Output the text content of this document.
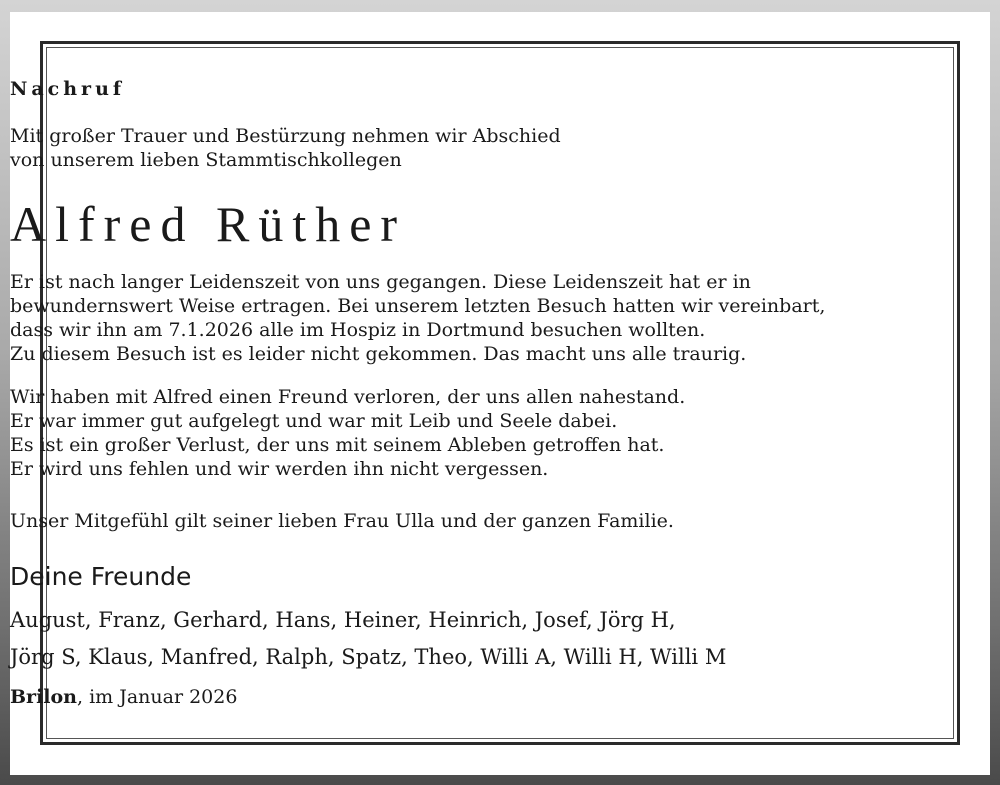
Nachruf
Mit großer Trauer und Bestürzung nehmen wir Abschied
von unserem lieben Stammtischkollegen
Alfred Rüther
Er ist nach langer Leidenszeit von uns gegangen. Diese Leidenszeit hat er in
bewundernswert Weise ertragen. Bei unserem letzten Besuch hatten wir vereinbart,
dass wir ihn am 7.1.2026 alle im Hospiz in Dortmund besuchen wollten.
Zu diesem Besuch ist es leider nicht gekommen. Das macht uns alle traurig.
Wir haben mit Alfred einen Freund verloren, der uns allen nahestand.
Er war immer gut aufgelegt und war mit Leib und Seele dabei.
Es ist ein großer Verlust, der uns mit seinem Ableben getroffen hat.
Er wird uns fehlen und wir werden ihn nicht vergessen.
Unser Mitgefühl gilt seiner lieben Frau Ulla und der ganzen Familie.
Deine Freunde
August, Franz, Gerhard, Hans, Heiner, Heinrich, Josef, Jörg H,
Jörg S, Klaus, Manfred, Ralph, Spatz, Theo, Willi A, Willi H, Willi M
Brilon, im Januar 2026
